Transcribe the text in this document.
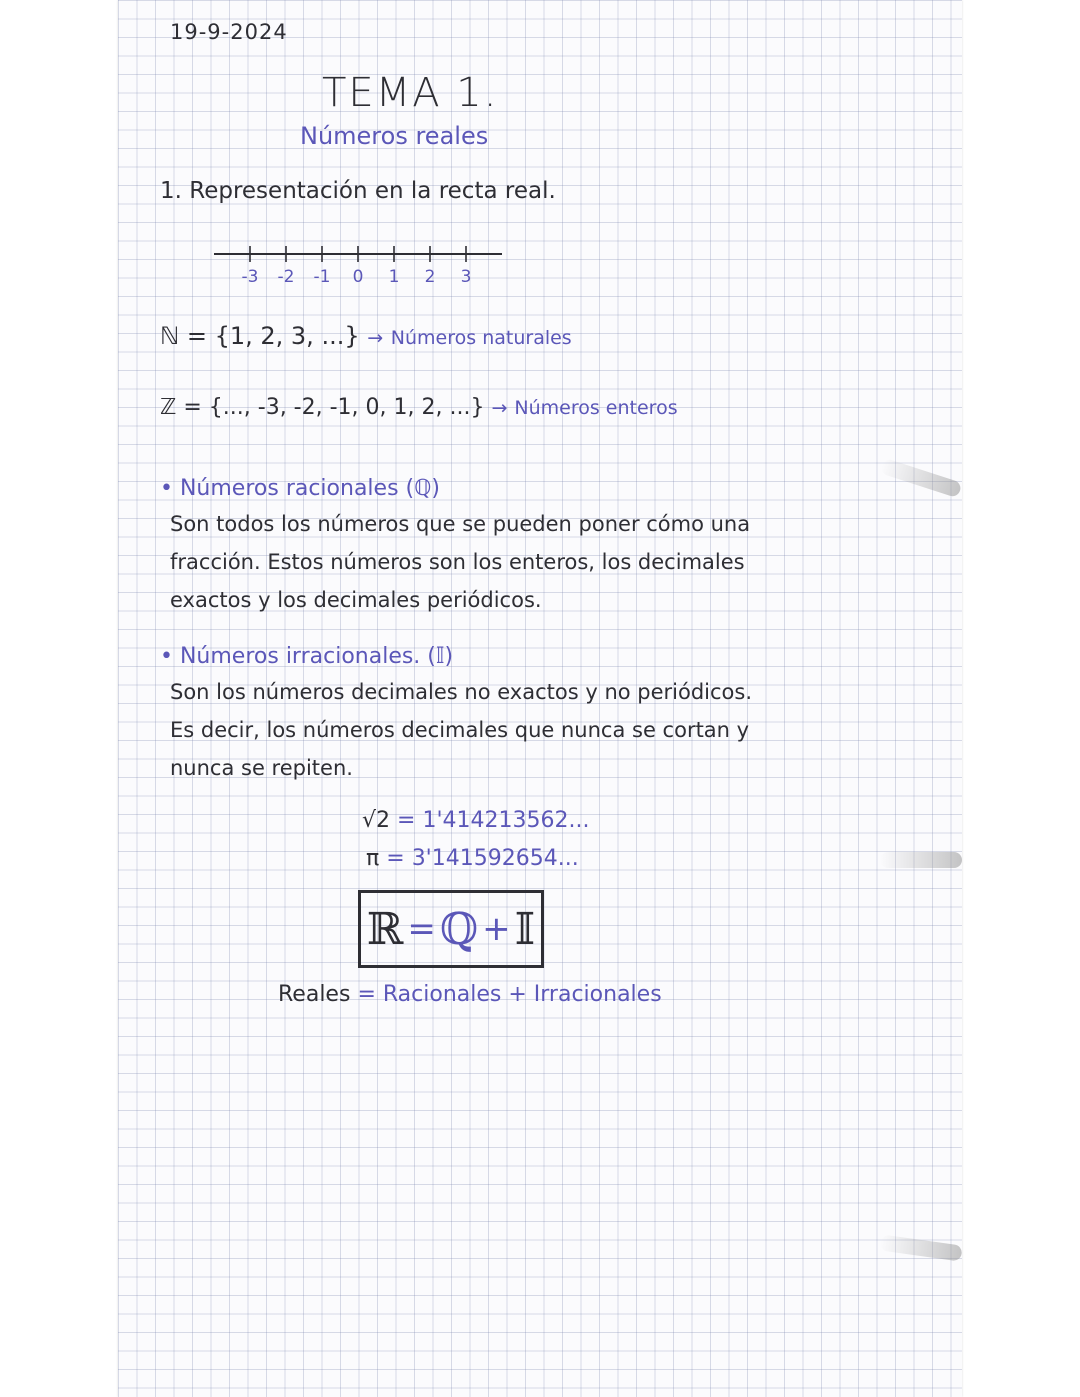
19-9-2024
TEMA 1.
Números reales
1. Representación en la recta real.
-3 -2 -1 0 1 2 3
ℕ = {1, 2, 3, ...} → Números naturales
ℤ = {..., -3, -2, -1, 0, 1, 2, ...} → Números enteros
• Números racionales (ℚ)
Son todos los números que se pueden poner cómo una
fracción. Estos números son los enteros, los decimales
exactos y los decimales periódicos.
• Números irracionales. (𝕀)
Son los números decimales no exactos y no periódicos.
Es decir, los números decimales que nunca se cortan y
nunca se repiten.
√2 = 1'414213562...
π = 3'141592654...
ℝ = ℚ + 𝕀
Reales = Racionales + Irracionales
